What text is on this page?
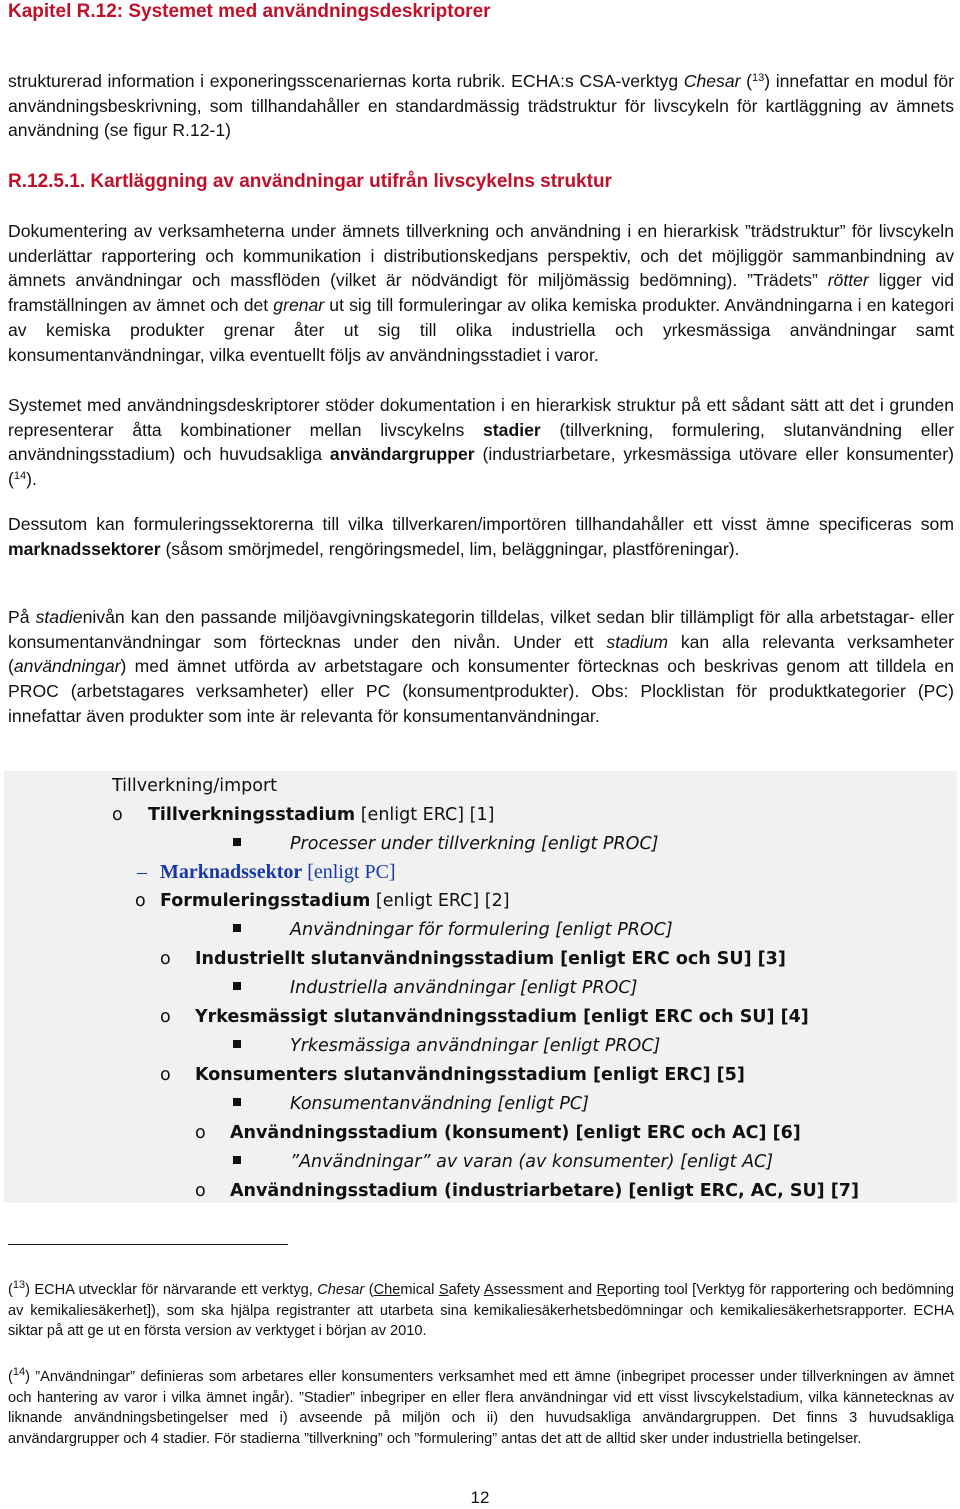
Kapitel R.12: Systemet med användningsdeskriptorer

strukturerad information i exponeringsscenariernas korta rubrik. ECHA:s CSA-verktyg Chesar ($^{13}$) innefattar en modul för användningsbeskrivning, som tillhandahåller en standardmässig trädstruktur för livscykeln för kartläggning av ämnets användning (se figur R.12-1)

R.12.5.1. Kartläggning av användningar utifrån livscykelns struktur

Dokumentering av verksamheterna under ämnets tillverkning och användning i en hierarkisk ”trädstruktur” för livscykeln underlättar rapportering och kommunikation i distributionskedjans perspektiv, och det möjliggör sammanbindning av ämnets användningar och massflöden (vilket är nödvändigt för miljömässig bedömning). ”Trädets” rötter ligger vid framställningen av ämnet och det grenar ut sig till formuleringar av olika kemiska produkter. Användningarna i en kategori av kemiska produkter grenar åter ut sig till olika industriella och yrkesmässiga användningar samt konsumentanvändningar, vilka eventuellt följs av användningsstadiet i varor.

Systemet med användningsdeskriptorer stöder dokumentation i en hierarkisk struktur på ett sådant sätt att det i grunden representerar åtta kombinationer mellan livscykelns stadier (tillverkning, formulering, slutanvändning eller användningsstadium) och huvudsakliga användargrupper (industriarbetare, yrkesmässiga utövare eller konsumenter) ($^{14}$).

Dessutom kan formuleringssektorerna till vilka tillverkaren/importören tillhandahåller ett visst ämne specificeras som marknadssektorer (såsom smörjmedel, rengöringsmedel, lim, beläggningar, plastföreningar).

På stadienivån kan den passande miljöavgivningskategorin tilldelas, vilket sedan blir tillämpligt för alla arbetstagar- eller konsumentanvändningar som förtecknas under den nivån. Under ett stadium kan alla relevanta verksamheter (användningar) med ämnet utförda av arbetstagare och konsumenter förtecknas och beskrivas genom att tilldela en PROC (arbetstagares verksamheter) eller PC (konsumentprodukter). Obs: Plocklistan för produktkategorier (PC) innefattar även produkter som inte är relevanta för konsumentanvändningar.

Tillverkning/import
o Tillverkningsstadium [enligt ERC] [1]
Processer under tillverkning [enligt PROC]
– Marknadssektor [enligt PC]
o Formuleringsstadium [enligt ERC] [2]
Användningar för formulering [enligt PROC]
o Industriellt slutanvändningsstadium [enligt ERC och SU] [3]
Industriella användningar [enligt PROC]
o Yrkesmässigt slutanvändningsstadium [enligt ERC och SU] [4]
Yrkesmässiga användningar [enligt PROC]
o Konsumenters slutanvändningsstadium [enligt ERC] [5]
Konsumentanvändning [enligt PC]
o Användningsstadium (konsument) [enligt ERC och AC] [6]
”Användningar” av varan (av konsumenter) [enligt AC]
o Användningsstadium (industriarbetare) [enligt ERC, AC, SU] [7]

($^{13}$) ECHA utvecklar för närvarande ett verktyg, Chesar (Chemical Safety Assessment and Reporting tool [Verktyg för rapportering och bedömning av kemikaliesäkerhet]), som ska hjälpa registranter att utarbeta sina kemikaliesäkerhetsbedömningar och kemikaliesäkerhetsrapporter. ECHA siktar på att ge ut en första version av verktyget i början av 2010.

($^{14}$) ”Användningar” definieras som arbetares eller konsumenters verksamhet med ett ämne (inbegripet processer under tillverkningen av ämnet och hantering av varor i vilka ämnet ingår). ”Stadier” inbegriper en eller flera användningar vid ett visst livscykelstadium, vilka kännetecknas av liknande användningsbetingelser med i) avseende på miljön och ii) den huvudsakliga användargruppen. Det finns 3 huvudsakliga användargrupper och 4 stadier. För stadierna ”tillverkning” och ”formulering” antas det att de alltid sker under industriella betingelser.

12
